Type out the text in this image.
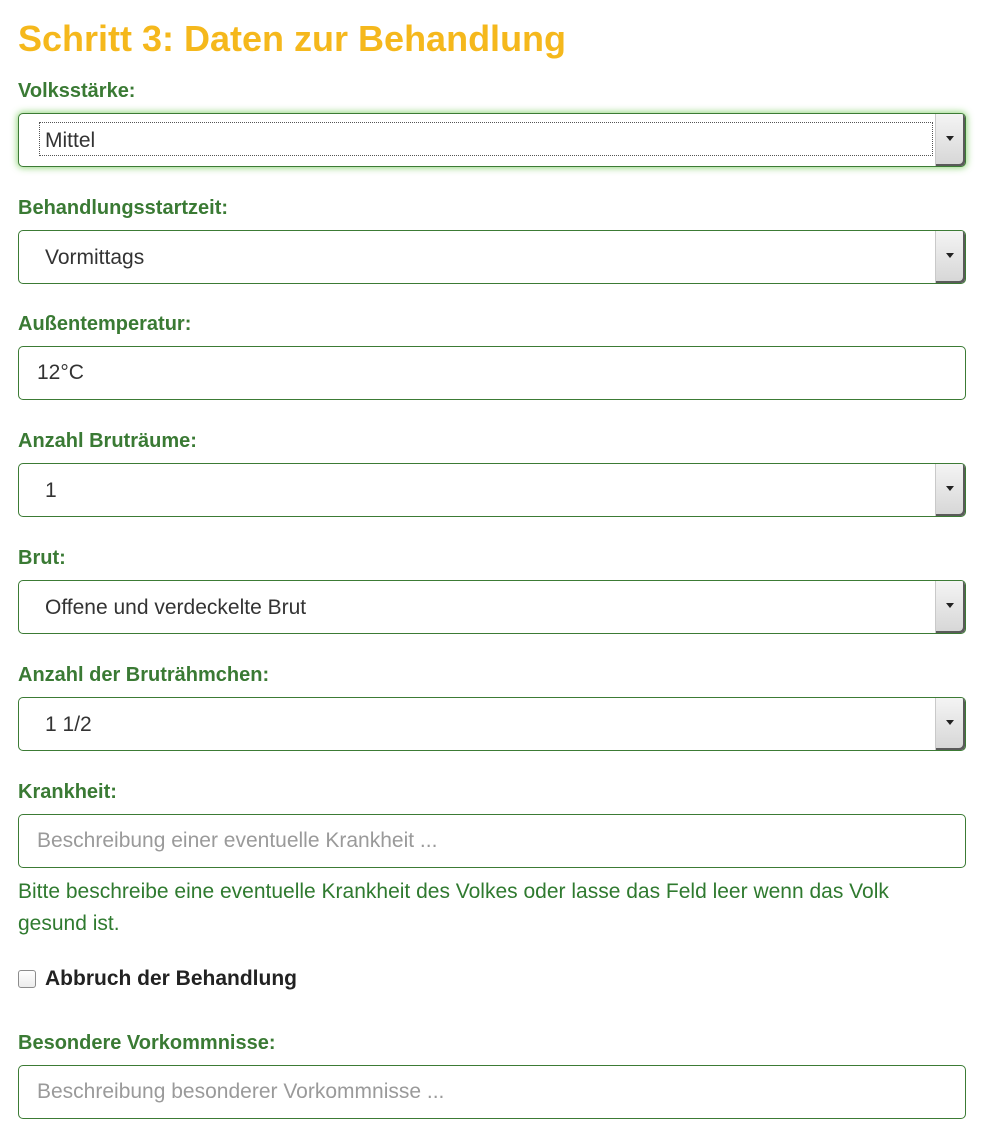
Schritt 3: Daten zur Behandlung
Volksstärke:
Mittel
Behandlungsstartzeit:
Vormittags
Außentemperatur:
12°C
Anzahl Bruträume:
1
Brut:
Offene und verdeckelte Brut
Anzahl der Bruträhmchen:
1 1/2
Krankheit:
Beschreibung einer eventuelle Krankheit ...
Bitte beschreibe eine eventuelle Krankheit des Volkes oder lasse das Feld leer wenn das Volk gesund ist.
Abbruch der Behandlung
Besondere Vorkommnisse:
Beschreibung besonderer Vorkommnisse ...
